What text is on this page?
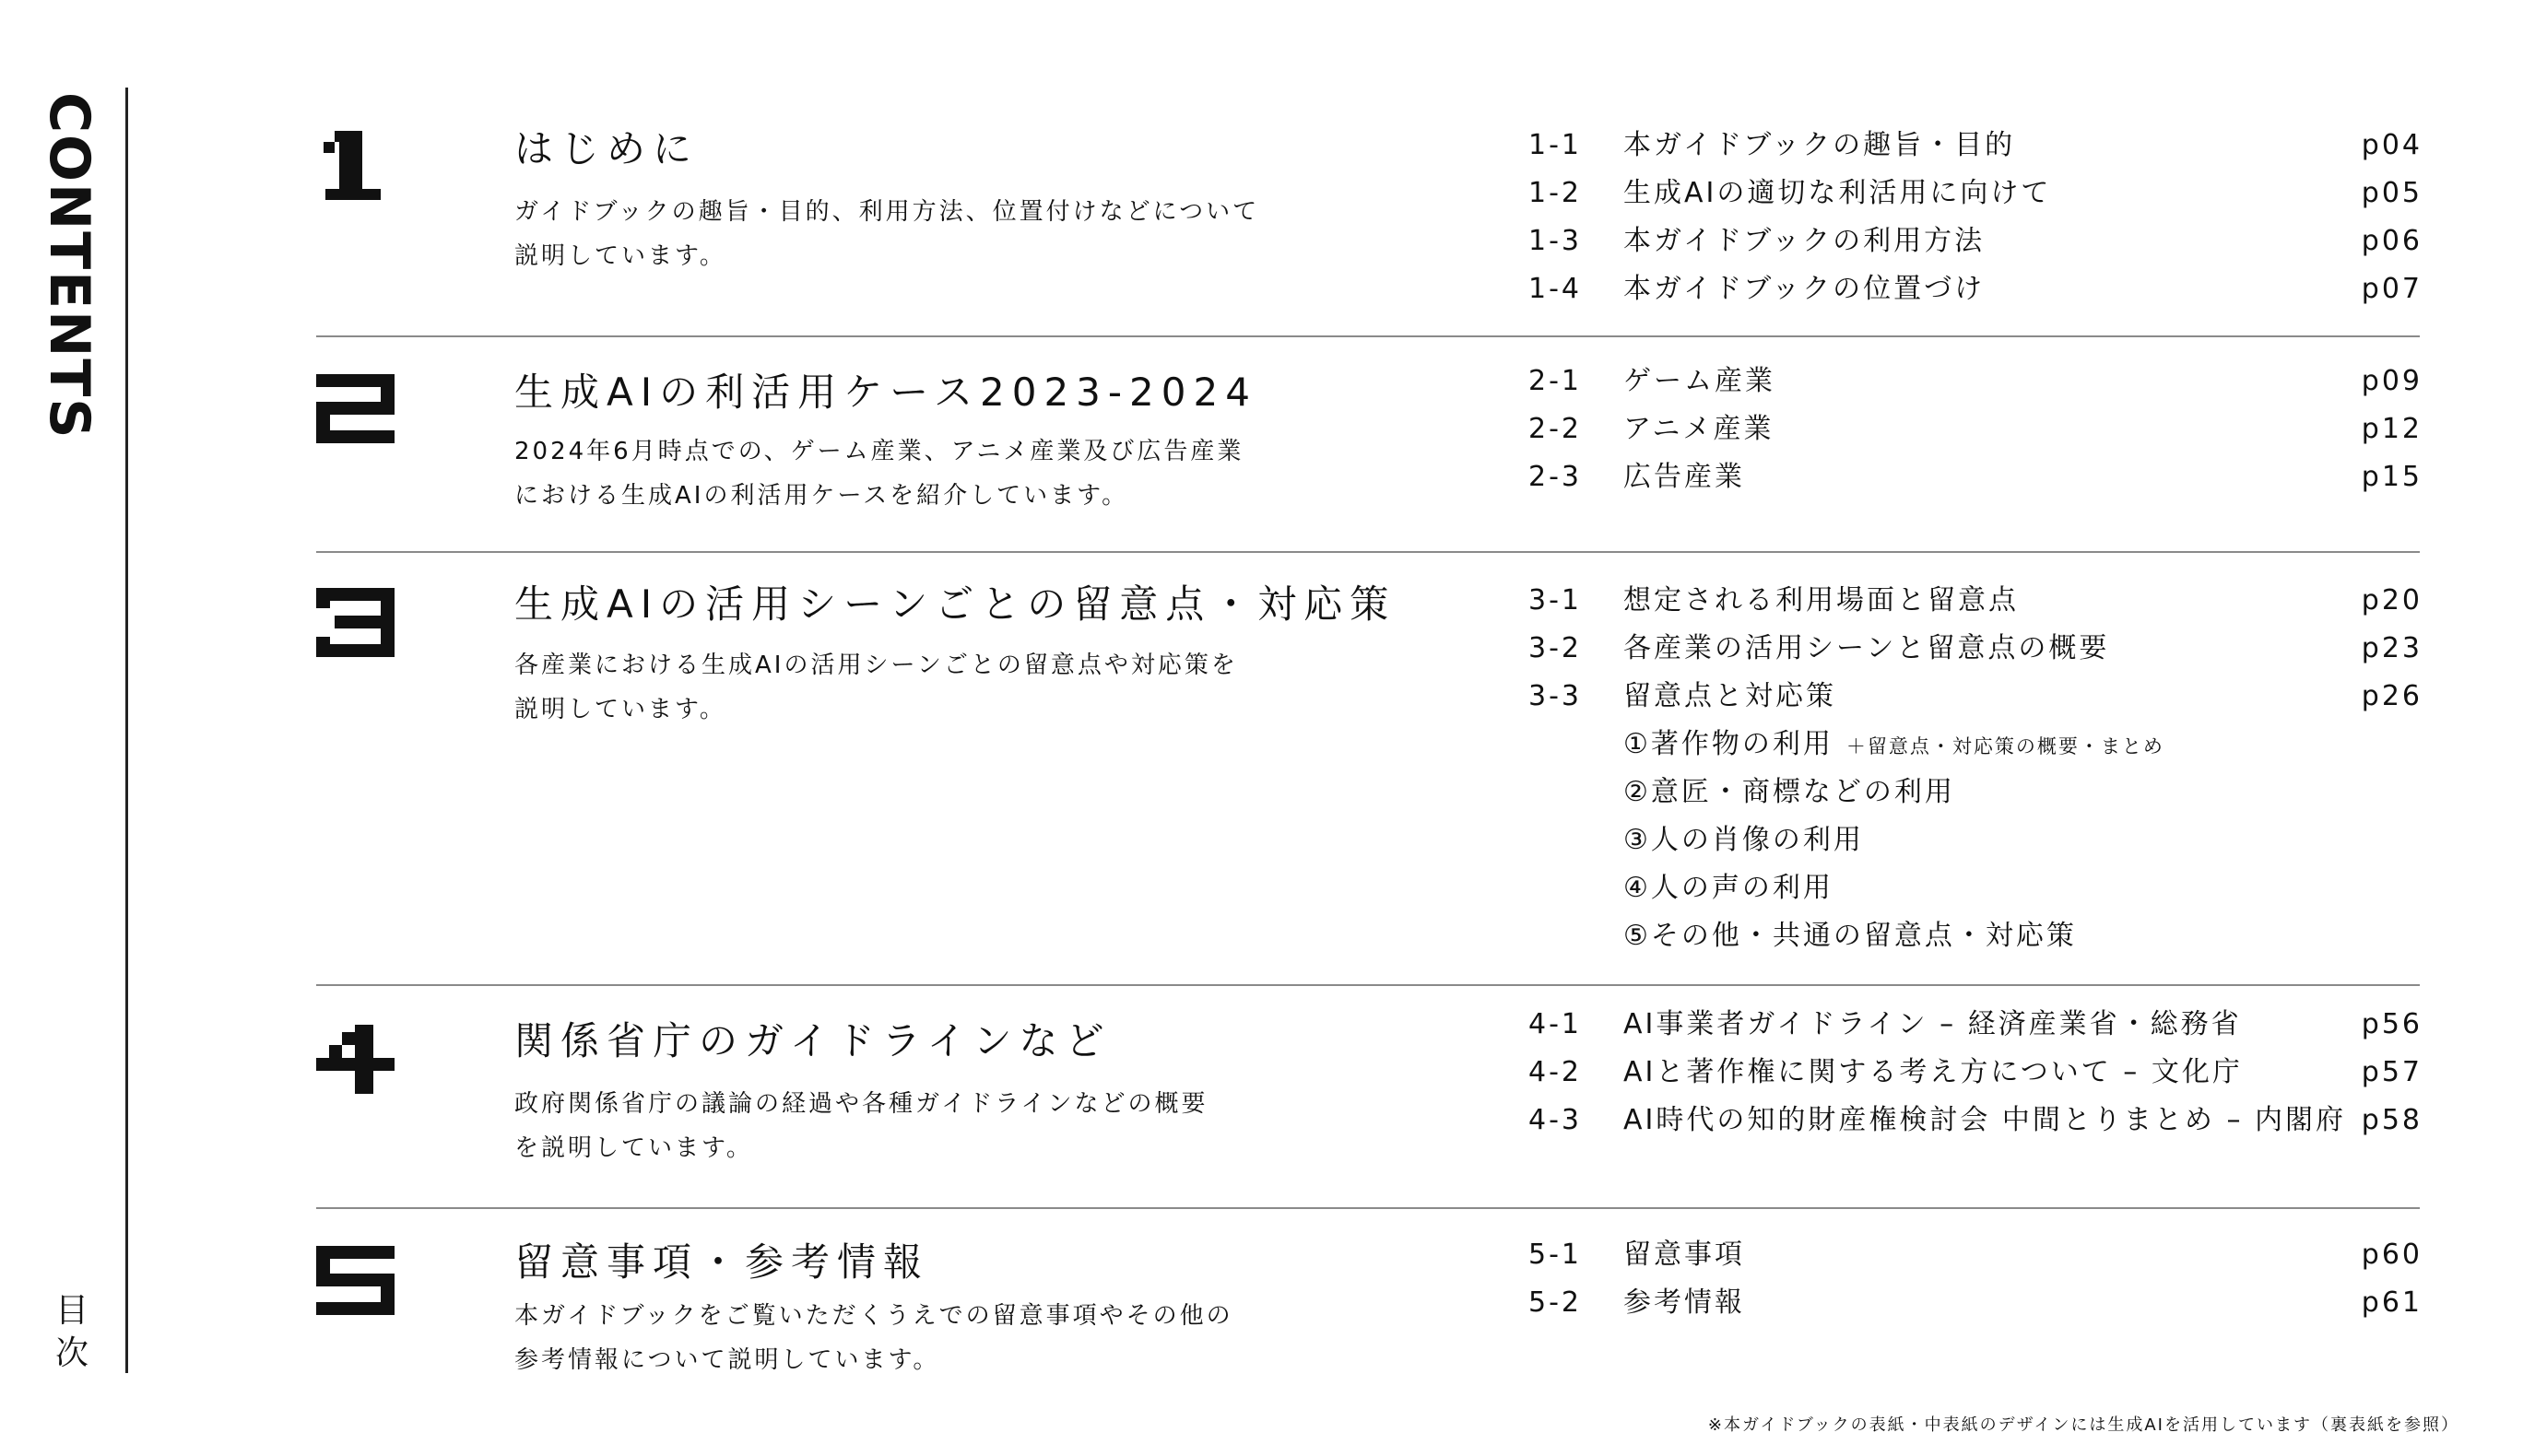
CONTENTS
目
次
はじめに
ガイドブックの趣旨・目的、利用方法、位置付けなどについて
説明しています。
1-1 本ガイドブックの趣旨・目的	p04
1-2 生成AIの適切な利活用に向けて	p05
1-3 本ガイドブックの利用方法	p06
1-4 本ガイドブックの位置づけ	p07
生成AIの利活用ケース2023-2024
2024年6月時点での、ゲーム産業、アニメ産業及び広告産業
における生成AIの利活用ケースを紹介しています。
2-1 ゲーム産業	p09
2-2 アニメ産業	p12
2-3 広告産業	p15
生成AIの活用シーンごとの留意点・対応策
各産業における生成AIの活用シーンごとの留意点や対応策を
説明しています。
3-1 想定される利用場面と留意点	p20
3-2 各産業の活用シーンと留意点の概要	p23
3-3 留意点と対応策	p26
①著作物の利用 ＋留意点・対応策の概要・まとめ
②意匠・商標などの利用
③人の肖像の利用
④人の声の利用
⑤その他・共通の留意点・対応策
関係省庁のガイドラインなど
政府関係省庁の議論の経過や各種ガイドラインなどの概要
を説明しています。
4-1 AI事業者ガイドライン – 経済産業省・総務省	p56
4-2 AIと著作権に関する考え方について – 文化庁	p57
4-3 AI時代の知的財産権検討会 中間とりまとめ – 内閣府 p58
留意事項・参考情報
本ガイドブックをご覧いただくうえでの留意事項やその他の
参考情報について説明しています。
5-1 留意事項	p60
5-2 参考情報	p61
※本ガイドブックの表紙・中表紙のデザインには生成AIを活用しています（裏表紙を参照）
